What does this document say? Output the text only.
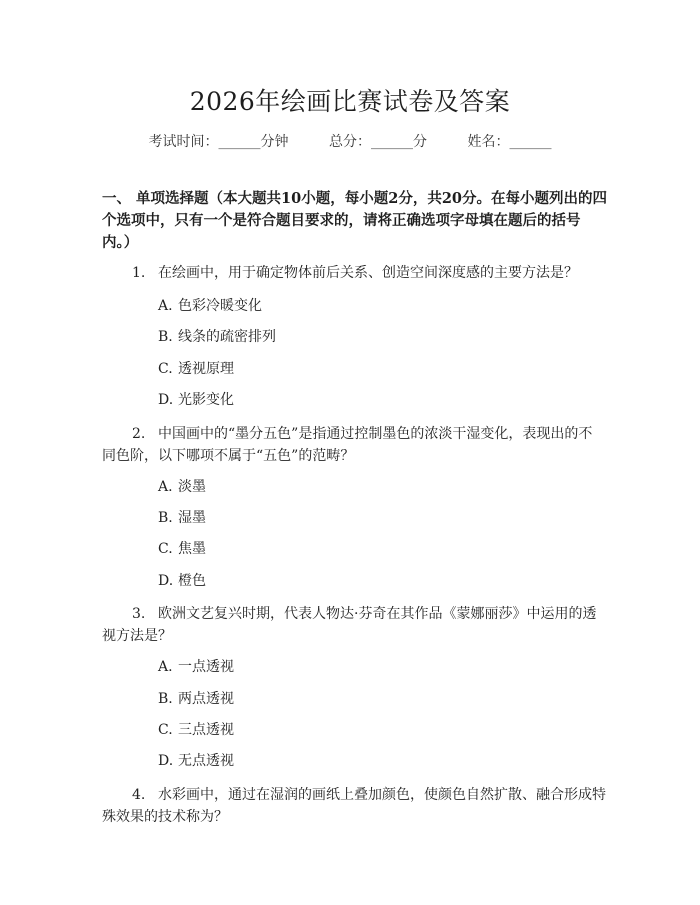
2026年绘画比赛试卷及答案
考试时间：______分钟	总分：______分	姓名：______
一、 单项选择题（本大题共10小题，每小题2分，共20分。在每小题列出的四个选项中，只有一个是符合题目要求的，请将正确选项字母填在题后的括号内。）
1. 在绘画中，用于确定物体前后关系、创造空间深度感的主要方法是？
A. 色彩冷暖变化
B. 线条的疏密排列
C. 透视原理
D. 光影变化
2. 中国画中的“墨分五色”是指通过控制墨色的浓淡干湿变化，表现出的不
同色阶，以下哪项不属于“五色”的范畴？
A. 淡墨
B. 湿墨
C. 焦墨
D. 橙色
3. 欧洲文艺复兴时期，代表人物达·芬奇在其作品《蒙娜丽莎》中运用的透
视方法是？
A. 一点透视
B. 两点透视
C. 三点透视
D. 无点透视
4. 水彩画中，通过在湿润的画纸上叠加颜色，使颜色自然扩散、融合形成特
殊效果的技术称为？
